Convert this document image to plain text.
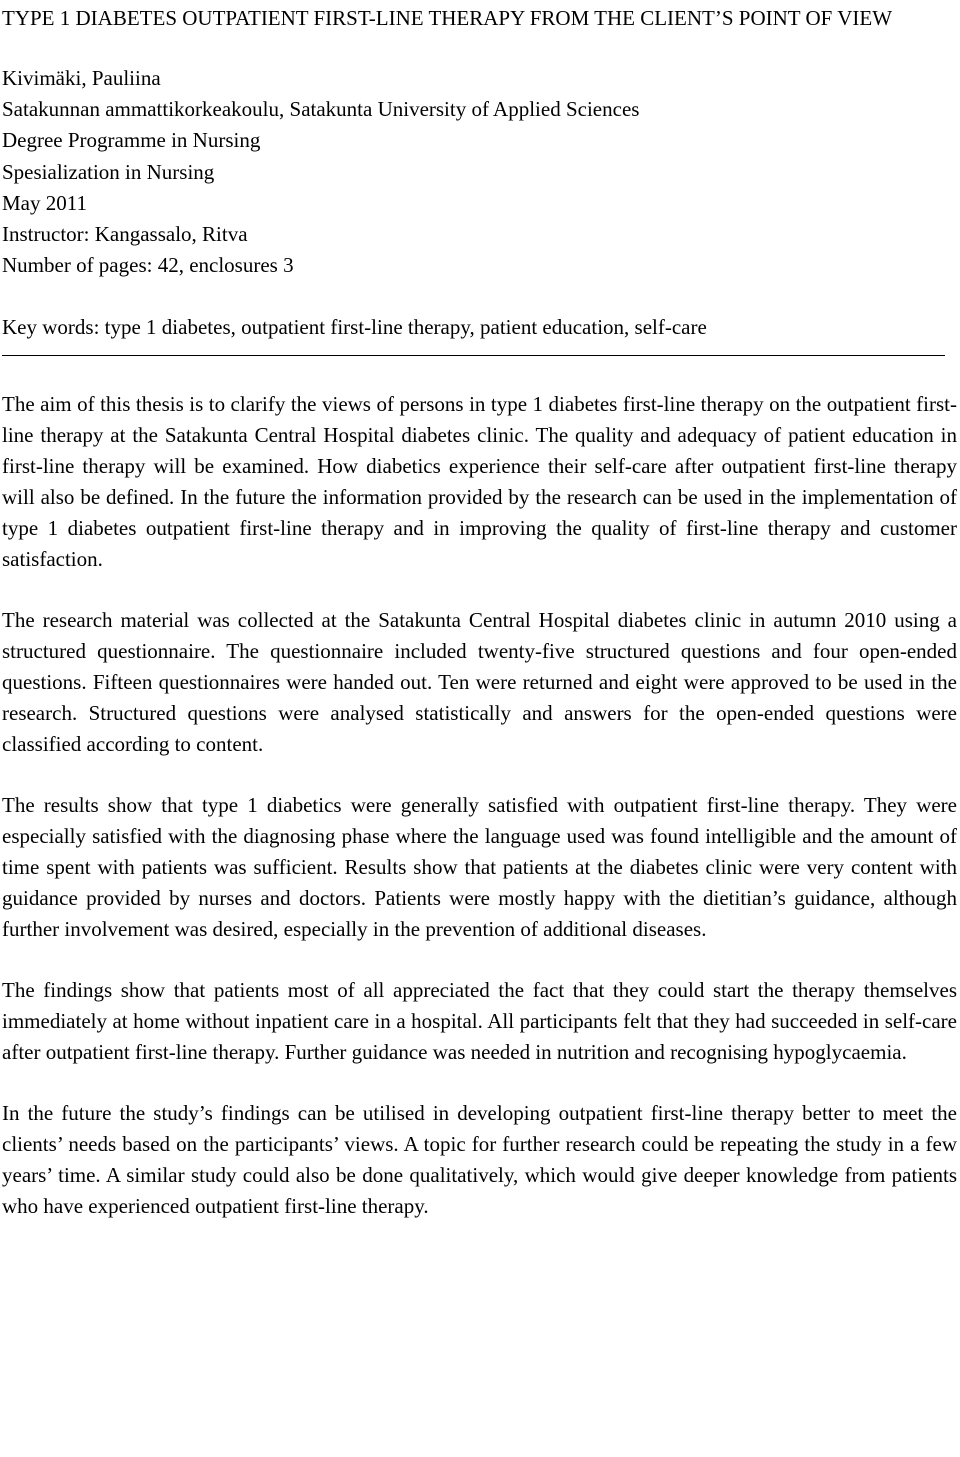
TYPE 1 DIABETES OUTPATIENT FIRST-LINE THERAPY FROM THE CLIENT’S POINT OF VIEW
Kivimäki, Pauliina
Satakunnan ammattikorkeakoulu, Satakunta University of Applied Sciences
Degree Programme in Nursing
Spesialization in Nursing
May 2011
Instructor: Kangassalo, Ritva
Number of pages: 42, enclosures 3
Key words: type 1 diabetes, outpatient first-line therapy, patient education, self-care

The aim of this thesis is to clarify the views of persons in type 1 diabetes first-line therapy on the outpatient first-line therapy at the Satakunta Central Hospital diabetes clinic. The quality and adequacy of patient education in first-line therapy will be examined. How diabetics experience their self-care after outpatient first-line therapy will also be defined. In the future the information provided by the research can be used in the implementation of type 1 diabetes outpatient first-line therapy and in improving the quality of first-line therapy and customer satisfaction.

The research material was collected at the Satakunta Central Hospital diabetes clinic in autumn 2010 using a structured questionnaire. The questionnaire included twenty-five structured questions and four open-ended questions. Fifteen questionnaires were handed out. Ten were returned and eight were approved to be used in the research. Structured questions were analysed statistically and answers for the open-ended questions were classified according to content.

The results show that type 1 diabetics were generally satisfied with outpatient first-line therapy. They were especially satisfied with the diagnosing phase where the language used was found intelligible and the amount of time spent with patients was sufficient. Results show that patients at the diabetes clinic were very content with guidance provided by nurses and doctors. Patients were mostly happy with the dietitian’s guidance, although further involvement was desired, especially in the prevention of additional diseases.

The findings show that patients most of all appreciated the fact that they could start the therapy themselves immediately at home without inpatient care in a hospital. All participants felt that they had succeeded in self-care after outpatient first-line therapy. Further guidance was needed in nutrition and recognising hypoglycaemia.

In the future the study’s findings can be utilised in developing outpatient first-line therapy better to meet the clients’ needs based on the participants’ views. A topic for further research could be repeating the study in a few years’ time. A similar study could also be done qualitatively, which would give deeper knowledge from patients who have experienced outpatient first-line therapy.
